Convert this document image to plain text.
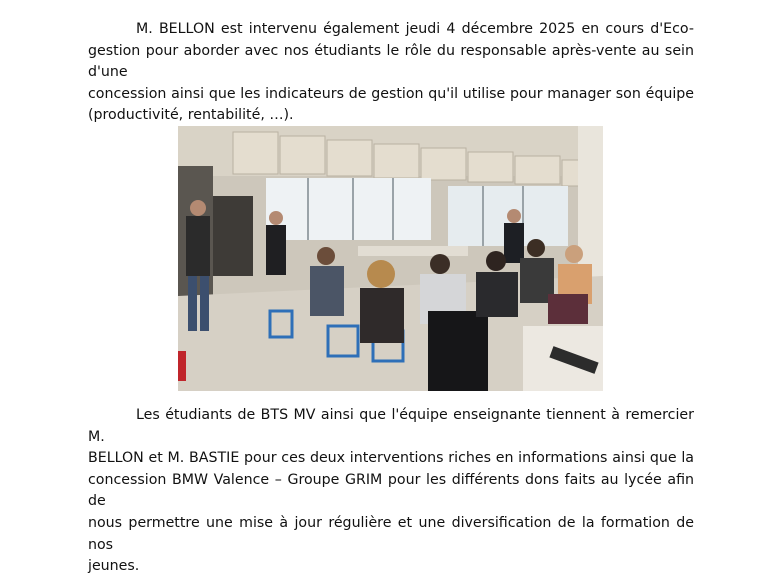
M. BELLON est intervenu également jeudi 4 décembre 2025 en cours d'Eco-
gestion pour aborder avec nos étudiants le rôle du responsable après-vente au sein d'une
concession ainsi que les indicateurs de gestion qu'il utilise pour manager son équipe
(productivité, rentabilité, …).
Les étudiants de BTS MV ainsi que l'équipe enseignante tiennent à remercier M.
BELLON et M. BASTIE pour ces deux interventions riches en informations ainsi que la
concession BMW Valence – Groupe GRIM pour les différents dons faits au lycée afin de
nous permettre une mise à jour régulière et une diversification de la formation de nos
jeunes.
